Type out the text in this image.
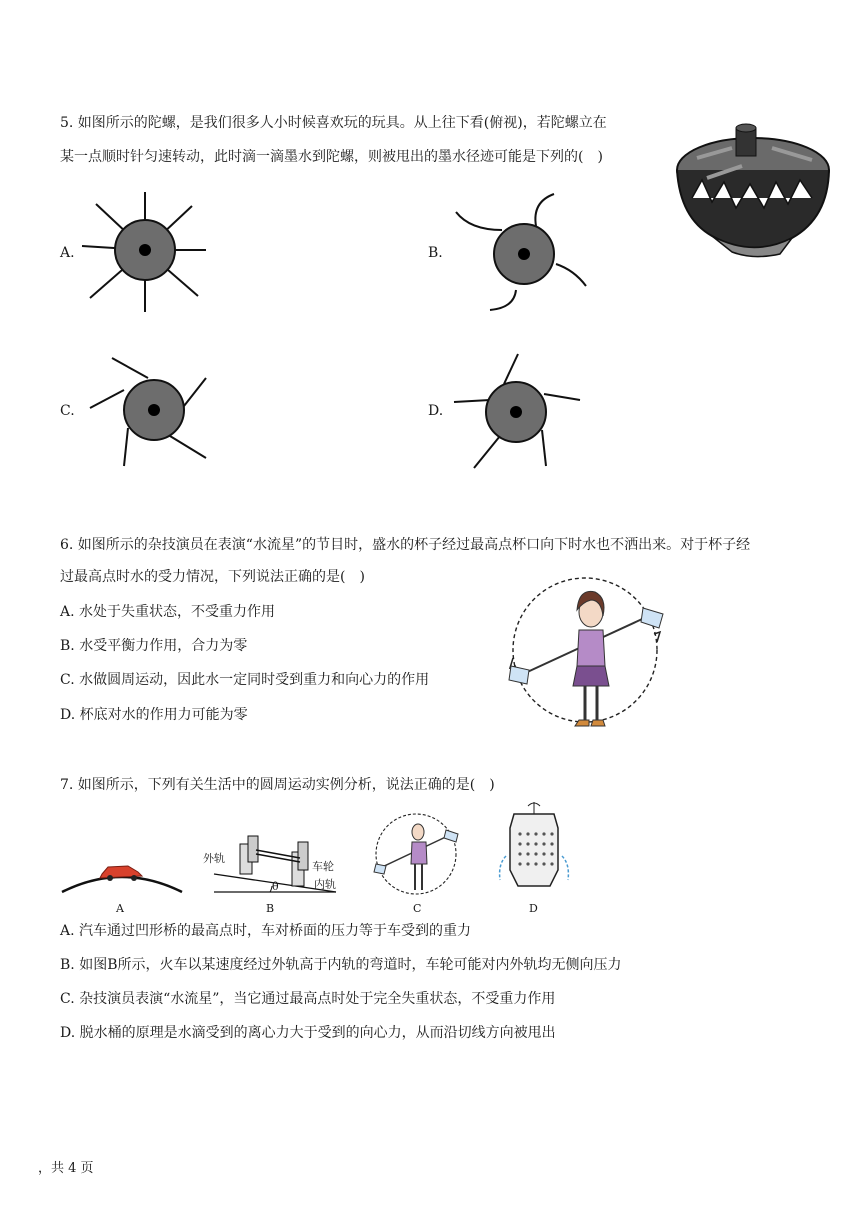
5. 如图所示的陀螺，是我们很多人小时候喜欢玩的玩具。从上往下看(俯视)，若陀螺立在
某一点顺时针匀速转动，此时滴一滴墨水到陀螺，则被甩出的墨水径迹可能是下列的(　)
A.	B.
C.	D.
6. 如图所示的杂技演员在表演“水流星”的节目时，盛水的杯子经过最高点杯口向下时水也不洒出来。对于杯子经
过最高点时水的受力情况，下列说法正确的是(　)
A. 水处于失重状态，不受重力作用
B. 水受平衡力作用，合力为零
C. 水做圆周运动，因此水一定同时受到重力和向心力的作用
D. 杯底对水的作用力可能为零
7. 如图所示，下列有关生活中的圆周运动实例分析，说法正确的是(　)
A
外轨
车轮
内轨
θ
B	C	D
A. 汽车通过凹形桥的最高点时，车对桥面的压力等于车受到的重力
B. 如图B所示，火车以某速度经过外轨高于内轨的弯道时，车轮可能对内外轨均无侧向压力
C. 杂技演员表演“水流星”，当它通过最高点时处于完全失重状态，不受重力作用
D. 脱水桶的原理是水滴受到的离心力大于受到的向心力，从而沿切线方向被甩出
，共 4 页
